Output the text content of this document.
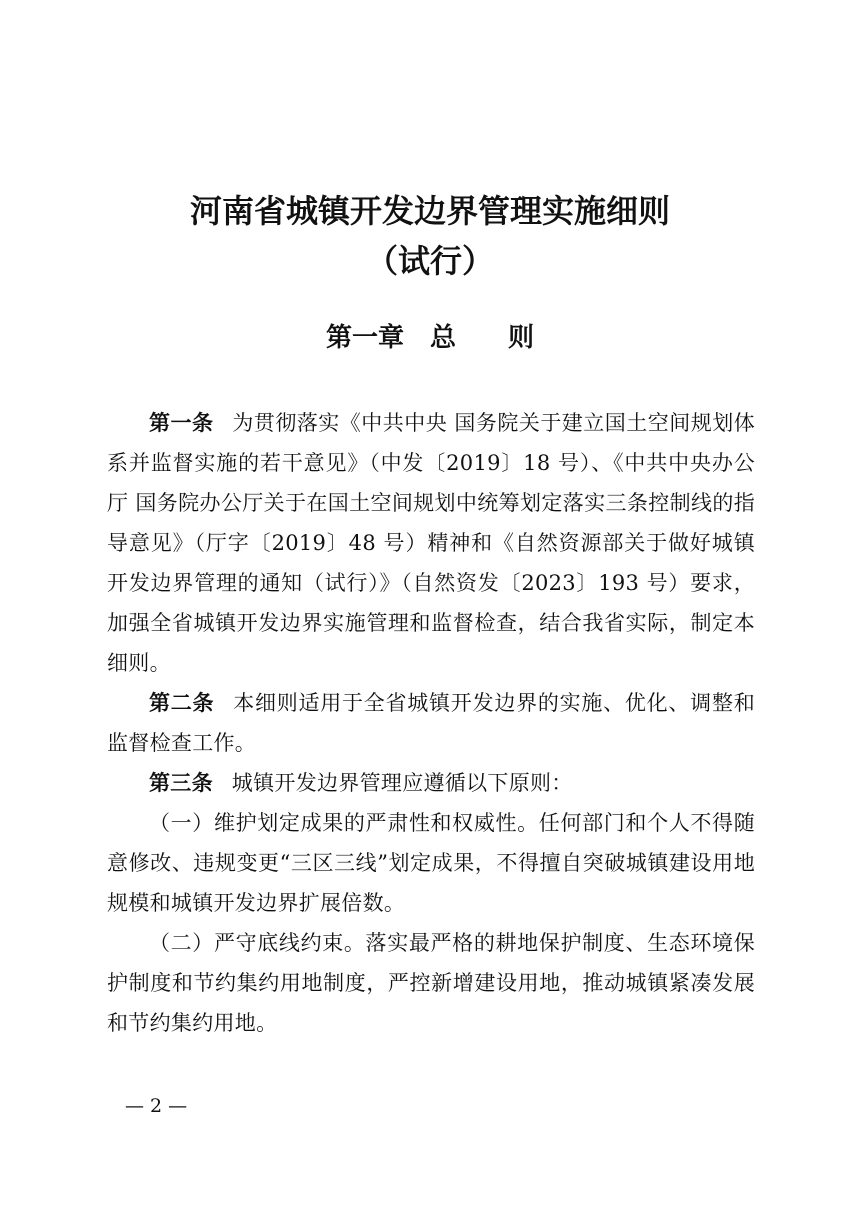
河南省城镇开发边界管理实施细则
（试行）
第一章　总　　则

第一条 为贯彻落实《中共中央 国务院关于建立国土空间规划体系并监督实施的若干意见》（中发〔2019〕18 号）、《中共中央办公厅 国务院办公厅关于在国土空间规划中统筹划定落实三条控制线的指导意见》（厅字〔2019〕48 号）精神和《自然资源部关于做好城镇开发边界管理的通知（试行）》（自然资发〔2023〕193 号）要求，加强全省城镇开发边界实施管理和监督检查，结合我省实际，制定本细则。

第二条 本细则适用于全省城镇开发边界的实施、优化、调整和监督检查工作。

第三条 城镇开发边界管理应遵循以下原则：

（一）维护划定成果的严肃性和权威性。任何部门和个人不得随意修改、违规变更“三区三线”划定成果，不得擅自突破城镇建设用地规模和城镇开发边界扩展倍数。

（二）严守底线约束。落实最严格的耕地保护制度、生态环境保护制度和节约集约用地制度，严控新增建设用地，推动城镇紧凑发展和节约集约用地。

— 2 —
